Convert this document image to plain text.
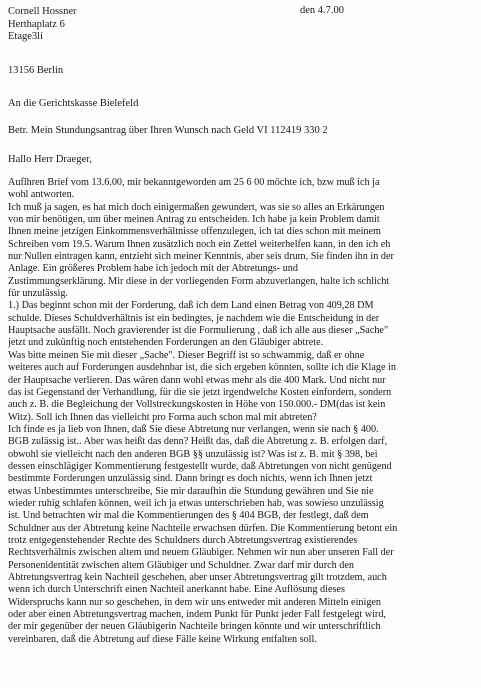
den 4.7.00
Cornell Hossner
Herthaplatz 6
Etage3li
13156 Berlin
An die Gerichtskasse Bielefeld
Betr. Mein Stundungsantrag über Ihren Wunsch nach Geld VI 112419 330 2
Hallo Herr Draeger,
Auflhren Brief vom 13.6.00, mir bekanntgeworden am 25 6 00 möchte ich, bzw muß ich ja
wohl antworten.
Ich muß ja sagen, es hat mich doch einigermaßen gewundert, was sie so alles an Erkärungen
von mir benötigen, um über meinen Antrag zu entscheiden. Ich habe ja kein Problem damit
Ihnen meine jetzigen Einkommensverhältnisse offenzulegen, ich tat dies schon mit meinem
Schreiben vom 19.5. Warum Ihnen zusätzlich noch ein Zettel weiterhelfen kann, in den ich eh
nur Nullen eintragen kann, entzieht sich meiner Kenntnis, aber seis drum, Sie finden ihn in der
Anlage. Ein größeres Problem habe ich jedoch mit der Abtretungs- und
Zustimmungserklärung. Mir diese in der vorliegenden Form abzuverlangen, halte ich schlicht
für unzulässig.
1.) Das beginnt schon mit der Forderung, daß ich dem Land einen Betrag von 409,28 DM
schulde. Dieses Schuldverhältnis ist ein bedingtes, je nachdem wie die Entscheidung in der
Hauptsache ausfällt. Noch gravierender ist die Formulierung , daß ich alle aus dieser „Sache"
jetzt und zukünftig noch entstehenden Forderungen an den Gläubiger abtrete.
Was bitte meinen Sie mit dieser „Sache". Dieser Begriff ist so schwammig, daß er ohne
weiteres auch auf Forderungen ausdehnbar ist, die sich ergeben könnten, sollte ich die Klage in
der Hauptsache verlieren. Das wären dann wohl etwas mehr als die 400 Mark. Und nicht nur
das ist Gegenstand der Verhandlung, für die sie jetzt irgendwelche Kosten einfordern, sondern
auch z. B. die Begleichung der Vollstreckungskosten in Höhe von 150.000.- DM(das ist kein
Witz). Soll ich Ihnen das vielleicht pro Forma auch schon mal mit abtreten?
Ich finde es ja lieb von Ihnen, daß Sie diese Abtretung nur verlangen, wenn sie nach § 400.
BGB zulässig ist.. Aber was heißt das denn? Heißt das, daß die Abtretung z. B. erfolgen darf,
obwohl sie vielleicht nach den anderen BGB §§ unzulässig ist? Was ist z. B. mit § 398, bei
dessen einschlägiger Kommentierung festgestellt wurde, daß Abtretungen von nicht genügend
bestimmte Forderungen unzulässig sind. Dann bringt es doch nichts, wenn ich Ihnen jetzt
etwas Unbestimmtes unterschreibe, Sie mir daraufhin die Stundung gewähren und Sie nie
wieder ruhig schlafen können, weil ich ja etwas unterschrieben hab, was sowieso unzulässig
ist. Und betrachten wir mal die Kommentierungen des § 404 BGB, der festlegt, daß dem
Schuldner aus der Abtretung keine Nachteile erwachsen dürfen. Die Kommentierung betont ein
trotz entgegenstehender Rechte des Schuldners durch Abtretungsvertrag existierendes
Rechtsverhältnis zwischen altem und neuem Gläubiger. Nehmen wir nun aber unseren Fall der
Personenidentität zwischen altem Gläubiger und Schuldner. Zwar darf mir durch den
Abtretungsvertrag kein Nachteil geschehen, aber unser Abtretungsvertrag gilt trotzdem, auch
wenn ich durch Unterschrift einen Nachteil anerkannt habe. Eine Auflösung dieses
Widerspruchs kann nur so geschehen, in dem wir uns entweder mit anderen Mitteln einigen
oder aber einen Abtretungsvertrag machen, indem Punkt für Punkt jeder Fall festgelegt wird,
der mir gegenüber der neuen Gläubigerin Nachteile bringen könnte und wir unterschriftlich
vereinbaren, daß die Abtretung auf diese Fälle keine Wirkung entfalten soll.
